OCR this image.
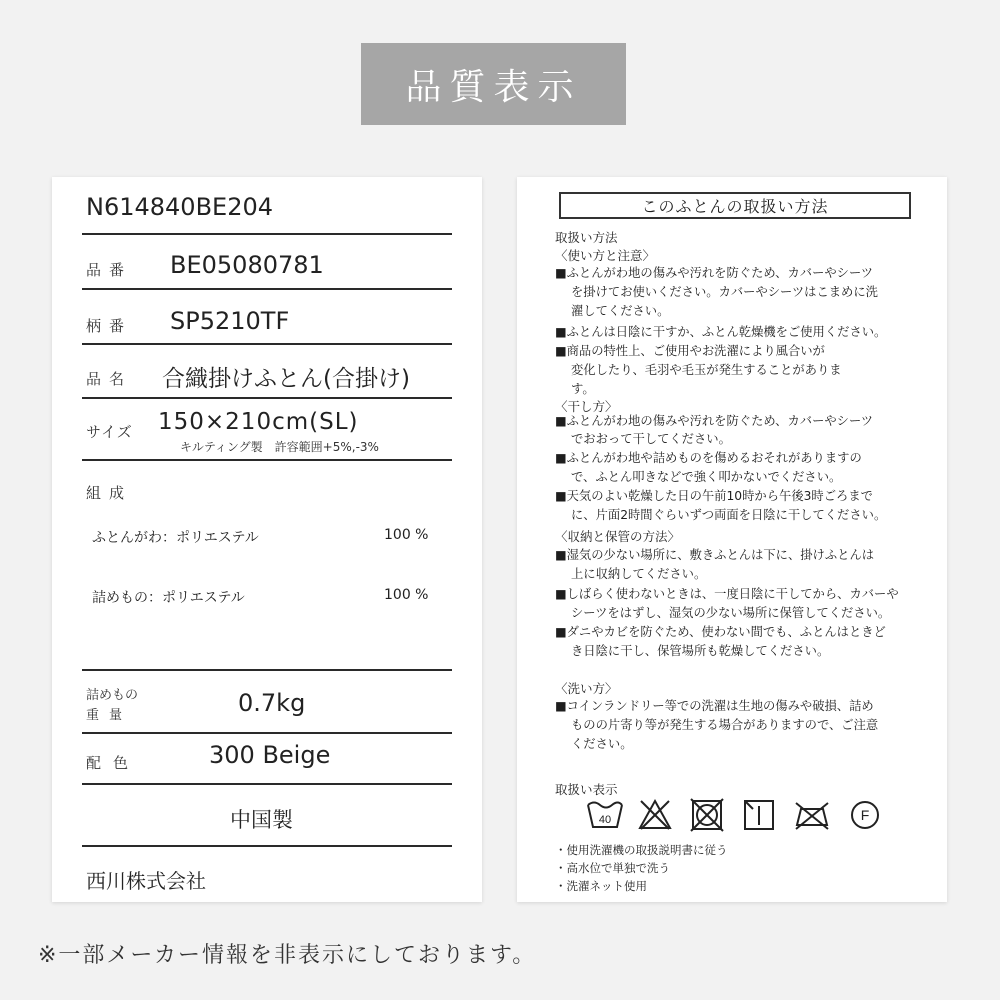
品質表示
N614840BE204
品番 BE05080781
柄番 SP5210TF
品名 合織掛けふとん(合掛け)
サイズ 150×210cm(SL)
キルティング製　許容範囲+5%,-3%
組成
ふとんがわ：ポリエステル	100 %
詰めもの：ポリエステル	100 %
詰めもの
重量	0.7kg
配色	300 Beige
中国製
西川株式会社
このふとんの取扱い方法
取扱い方法
〈使い方と注意〉
■ふとんがわ地の傷みや汚れを防ぐため、カバーやシーツ
を掛けてお使いください。カバーやシーツはこまめに洗
濯してください。
■ふとんは日陰に干すか、ふとん乾燥機をご使用ください。
■商品の特性上、ご使用やお洗濯により風合いが
変化したり、毛羽や毛玉が発生することがありま
す。
〈干し方〉
■ふとんがわ地の傷みや汚れを防ぐため、カバーやシーツ
でおおって干してください。
■ふとんがわ地や詰めものを傷めるおそれがありますの
で、ふとん叩きなどで強く叩かないでください。
■天気のよい乾燥した日の午前10時から午後3時ごろまで
に、片面2時間ぐらいずつ両面を日陰に干してください。
〈収納と保管の方法〉
■湿気の少ない場所に、敷きふとんは下に、掛けふとんは
上に収納してください。
■しばらく使わないときは、一度日陰に干してから、カバーや
シーツをはずし、湿気の少ない場所に保管してください。
■ダニやカビを防ぐため、使わない間でも、ふとんはときど
き日陰に干し、保管場所も乾燥してください。
〈洗い方〉
■コインランドリー等での洗濯は生地の傷みや破損、詰め
ものの片寄り等が発生する場合がありますので、ご注意
ください。
取扱い表示
40	F
・使用洗濯機の取扱説明書に従う
・高水位で単独で洗う
・洗濯ネット使用
※一部メーカー情報を非表示にしております。
